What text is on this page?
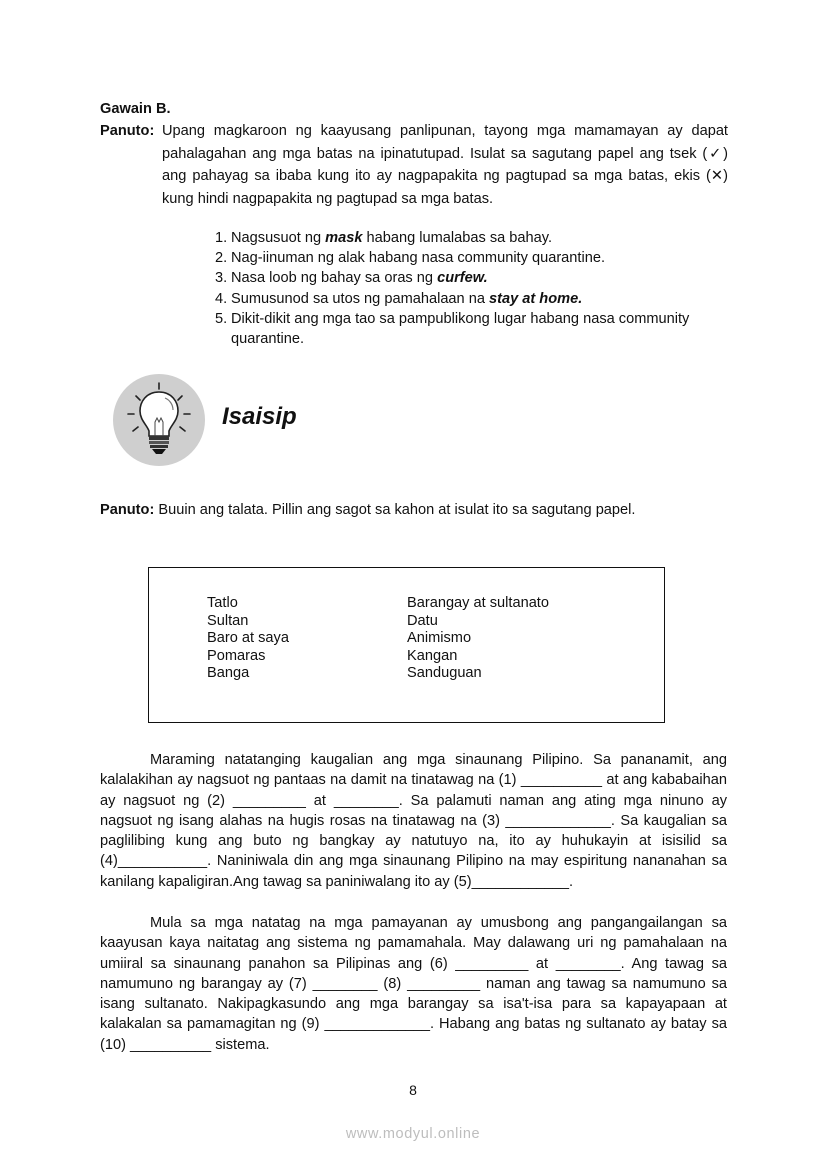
Gawain B.
Panuto: Upang magkaroon ng kaayusang panlipunan, tayong mga mamamayan ay dapat pahalagahan ang mga batas na ipinatutupad. Isulat sa sagutang papel ang tsek (✓) ang pahayag sa ibaba kung ito ay nagpapakita ng pagtupad sa mga batas, ekis (✕) kung hindi nagpapakita ng pagtupad sa mga batas.
1. Nagsusuot ng mask habang lumalabas sa bahay.
2. Nag-iinuman ng alak habang nasa community quarantine.
3. Nasa loob ng bahay sa oras ng curfew.
4. Sumusunod sa utos ng pamahalaan na stay at home.
5. Dikit-dikit ang mga tao sa pampublikong lugar habang nasa community quarantine.
Isaisip
Panuto: Buuin ang talata. Pillin ang sagot sa kahon at isulat ito sa sagutang papel.
Tatlo
Sultan
Baro at saya
Pomaras
Banga
Barangay at sultanato
Datu
Animismo
Kangan
Sanduguan

Maraming natatanging kaugalian ang mga sinaunang Pilipino. Sa pananamit, ang kalalakihan ay nagsuot ng pantaas na damit na tinatawag na (1) __________ at ang kababaihan ay nagsuot ng (2) _________ at ________. Sa palamuti naman ang ating mga ninuno ay nagsuot ng isang alahas na hugis rosas na tinatawag na (3) _____________. Sa kaugalian sa paglilibing kung ang buto ng bangkay ay natutuyo na, ito ay huhukayin at isisilid sa (4)___________. Naniniwala din ang mga sinaunang Pilipino na may espiritung nananahan sa kanilang kapaligiran.Ang tawag sa paniniwalang ito ay (5)____________.

Mula sa mga natatag na mga pamayanan ay umusbong ang pangangailangan sa kaayusan kaya naitatag ang sistema ng pamamahala. May dalawang uri ng pamahalaan na umiiral sa sinaunang panahon sa Pilipinas ang (6) _________ at ________. Ang tawag sa namumuno ng barangay ay (7) ________ (8) _________ naman ang tawag sa namumuno sa isang sultanato. Nakipagkasundo ang mga barangay sa isa't-isa para sa kapayapaan at kalakalan sa pamamagitan ng (9) _____________. Habang ang batas ng sultanato ay batay sa (10) __________ sistema.

8
www.modyul.online
